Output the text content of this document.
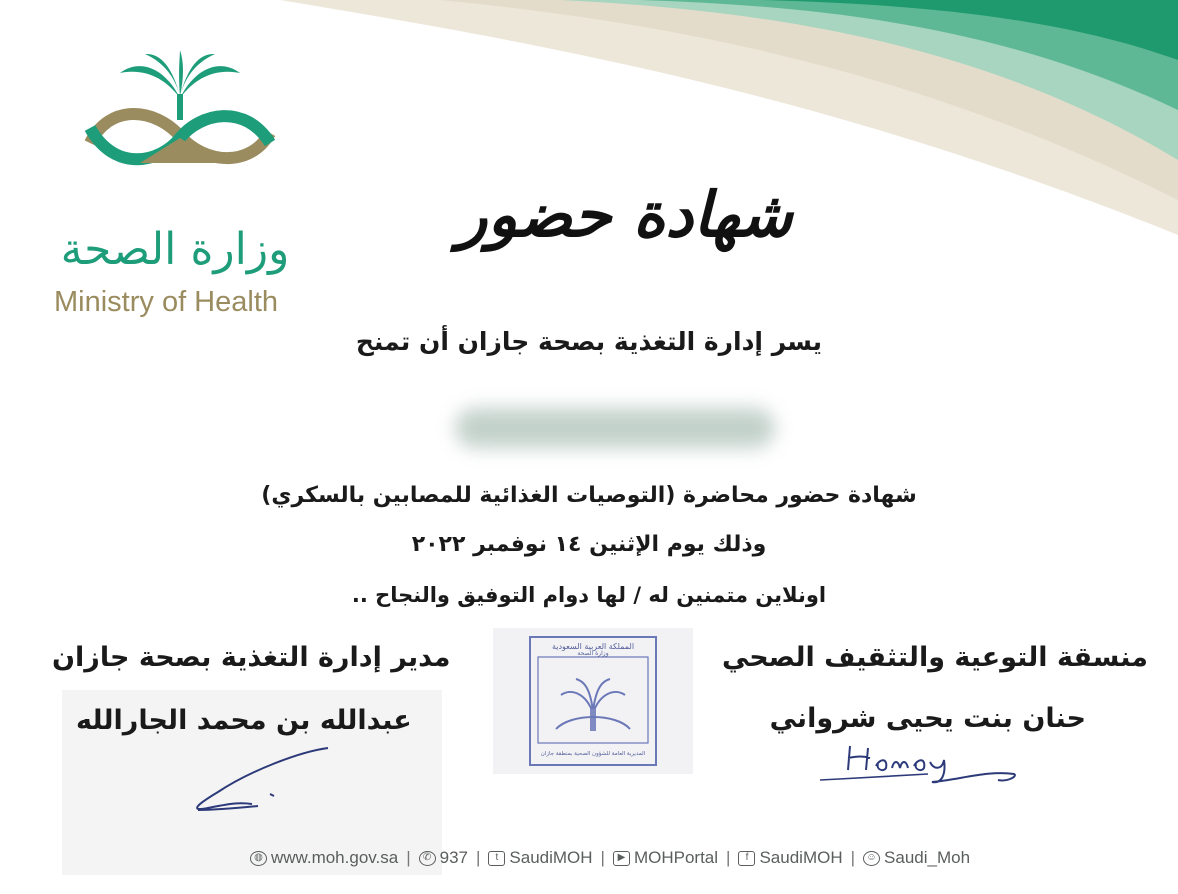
وزارة الصحة
Ministry of Health
شهادة حضور
يسر إدارة التغذية بصحة جازان أن تمنح
شهادة حضور محاضرة (التوصيات الغذائية للمصابين بالسكري)
وذلك يوم الإثنين ١٤ نوفمبر ٢٠٢٢
اونلاين متمنين له / لها دوام التوفيق والنجاح ..
منسقة التوعية والتثقيف الصحي
حنان بنت يحيى شرواني
مدير إدارة التغذية بصحة جازان
عبدالله بن محمد الجارالله
المملكة العربية السعودية
وزارة الصحة
المديرية العامة للشؤون الصحية بمنطقة جازان
◍ www.moh.gov.sa |	✆ 937 |	t SaudiMOH |	▶ MOHPortal |	f SaudiMOH |	☺ Saudi_Moh
